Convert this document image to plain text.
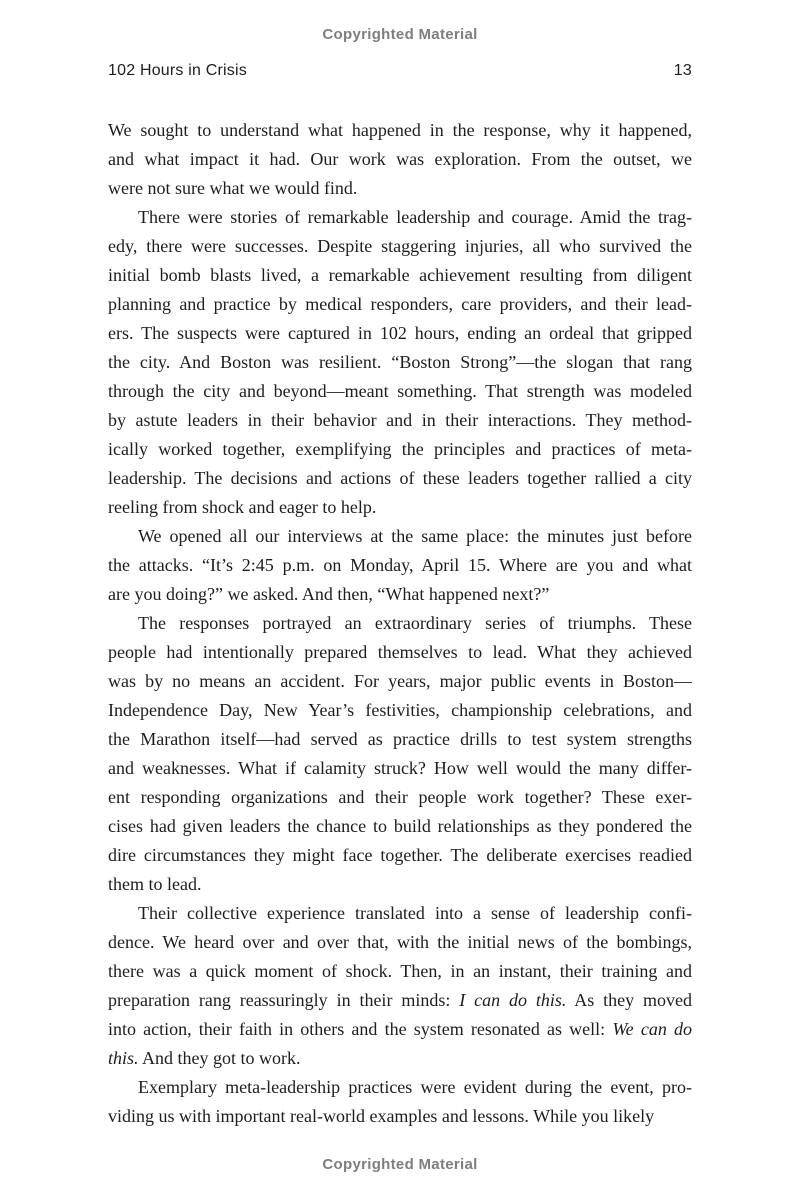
Copyrighted Material
102 Hours in Crisis	13
We sought to understand what happened in the response, why it happened,
and what impact it had. Our work was exploration. From the outset, we
were not sure what we would find.
There were stories of remarkable leadership and courage. Amid the trag-
edy, there were successes. Despite staggering injuries, all who survived the
initial bomb blasts lived, a remarkable achievement resulting from diligent
planning and practice by medical responders, care providers, and their lead-
ers. The suspects were captured in 102 hours, ending an ordeal that gripped
the city. And Boston was resilient. “Boston Strong”—the slogan that rang
through the city and beyond—meant something. That strength was modeled
by astute leaders in their behavior and in their interactions. They method-
ically worked together, exemplifying the principles and practices of meta-
leadership. The decisions and actions of these leaders together rallied a city
reeling from shock and eager to help.
We opened all our interviews at the same place: the minutes just before
the attacks. “It’s 2:45 p.m. on Monday, April 15. Where are you and what
are you doing?” we asked. And then, “What happened next?”
The responses portrayed an extraordinary series of triumphs. These
people had intentionally prepared themselves to lead. What they achieved
was by no means an accident. For years, major public events in Boston—
Independence Day, New Year’s festivities, championship celebrations, and
the Marathon itself—had served as practice drills to test system strengths
and weaknesses. What if calamity struck? How well would the many differ-
ent responding organizations and their people work together? These exer-
cises had given leaders the chance to build relationships as they pondered the
dire circumstances they might face together. The deliberate exercises readied
them to lead.
Their collective experience translated into a sense of leadership confi-
dence. We heard over and over that, with the initial news of the bombings,
there was a quick moment of shock. Then, in an instant, their training and
preparation rang reassuringly in their minds: I can do this. As they moved
into action, their faith in others and the system resonated as well: We can do
this. And they got to work.
Exemplary meta-leadership practices were evident during the event, pro-
viding us with important real-world examples and lessons. While you likely
Copyrighted Material
